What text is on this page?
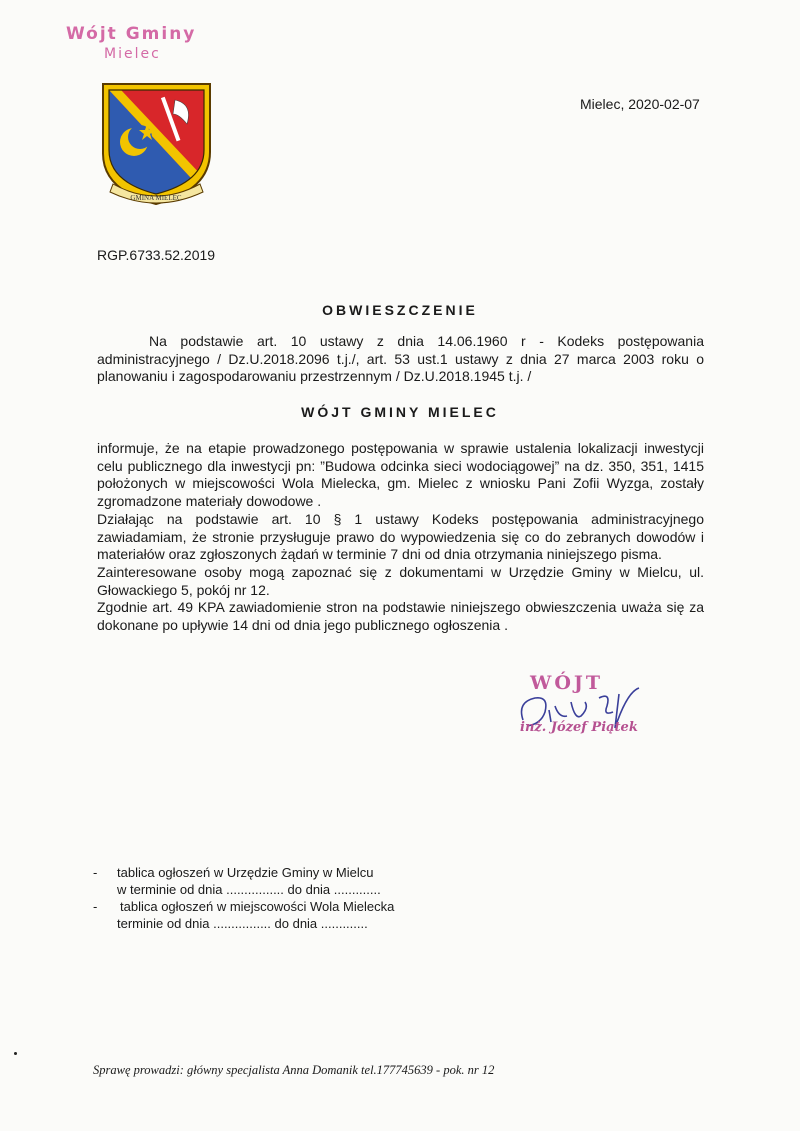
Wójt Gminy
Mielec
GMINA MIELEC
Mielec, 2020-02-07
RGP.6733.52.2019
OBWIESZCZENIE
Na podstawie art. 10 ustawy z dnia 14.06.1960 r - Kodeks postępowania administracyjnego / Dz.U.2018.2096 t.j./, art. 53 ust.1 ustawy z dnia 27 marca 2003 roku o planowaniu i zagospodarowaniu przestrzennym / Dz.U.2018.1945 t.j. /
WÓJT GMINY MIELEC

informuje, że na etapie prowadzonego postępowania w sprawie ustalenia lokalizacji inwestycji celu publicznego dla inwestycji pn: ”Budowa odcinka sieci wodociągowej” na dz. 350, 351, 1415 położonych w miejscowości Wola Mielecka, gm. Mielec z wniosku Pani Zofii Wyzga, zostały zgromadzone materiały dowodowe .

Działając na podstawie art. 10 § 1 ustawy Kodeks postępowania administracyjnego zawiadamiam, że stronie przysługuje prawo do wypowiedzenia się co do zebranych dowodów i materiałów oraz zgłoszonych żądań w terminie 7 dni od dnia otrzymania niniejszego pisma.

Zainteresowane osoby mogą zapoznać się z dokumentami w Urzędzie Gminy w Mielcu, ul. Głowackiego 5, pokój nr 12.

Zgodnie art. 49 KPA zawiadomienie stron na podstawie niniejszego obwieszczenia uważa się za dokonane po upływie 14 dni od dnia jego publicznego ogłoszenia .

WÓJT
inż. Józef Piątek
- tablica ogłoszeń w Urzędzie Gminy w Mielcu
w terminie od dnia ................ do dnia .............
- tablica ogłoszeń w miejscowości Wola Mielecka
terminie od dnia ................ do dnia .............
Sprawę prowadzi: główny specjalista Anna Domanik tel.177745639 - pok. nr 12
